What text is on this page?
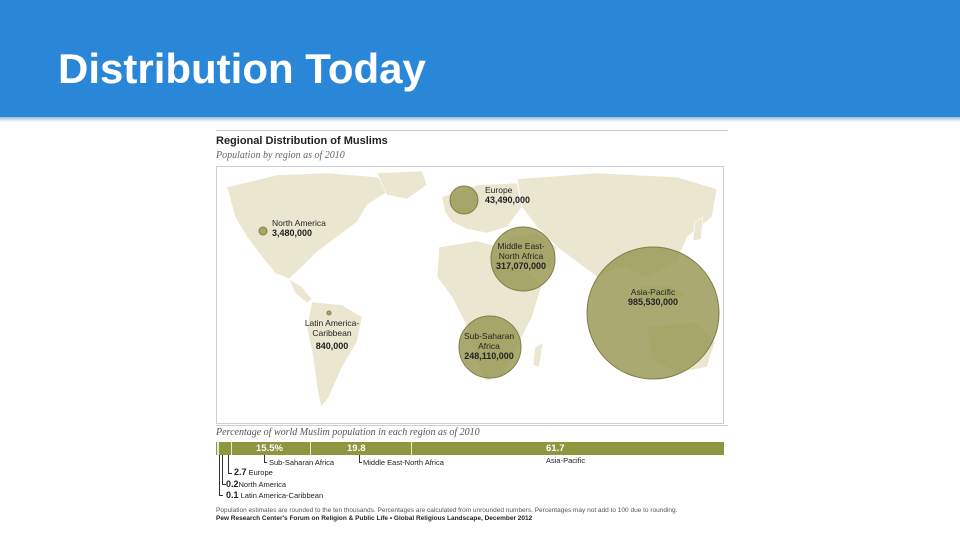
Distribution Today
Regional Distribution of Muslims
Population by region as of 2010
Europe
43,490,000
North America
3,480,000
Middle East-
North Africa
317,070,000
Asia-Pacific
985,530,000
Latin America-
Caribbean
840,000
Sub-Saharan
Africa
248,110,000
Percentage of world Muslim population in each region as of 2010
15.5%	19.8	61.7
Sub-Saharan Africa	Middle East-North Africa	Asia-Pacific
2.7 Europe
0.2North America
0.1 Latin America-Caribbean
Population estimates are rounded to the ten thousands. Percentages are calculated from unrounded numbers. Percentages may not add to 100 due to rounding.
Pew Research Center's Forum on Religion & Public Life • Global Religious Landscape, December 2012
